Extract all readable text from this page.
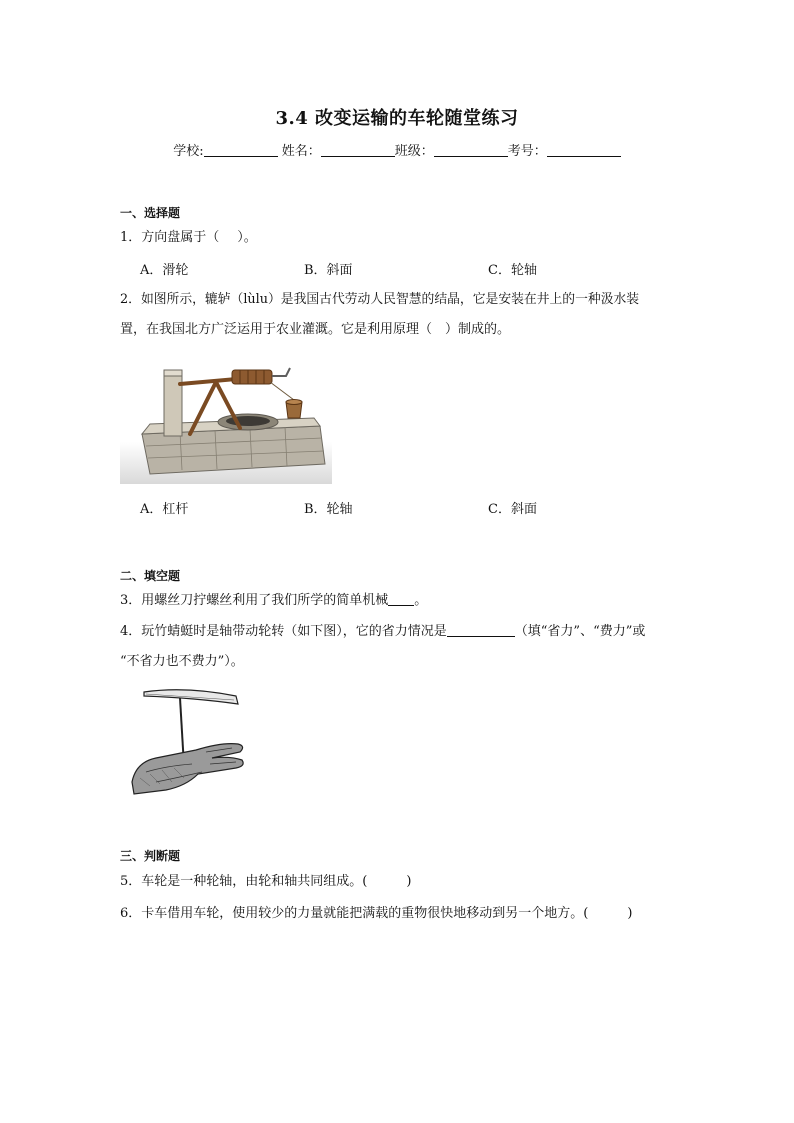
3.4 改变运输的车轮随堂练习
学校:	姓名：	班级：	考号：
一、选择题
1．方向盘属于（ ）。
A．滑轮	B．斜面	C．轮轴
2．如图所示，辘轳（lùlu）是我国古代劳动人民智慧的结晶，它是安装在井上的一种汲水装
置，在我国北方广泛运用于农业灌溉。它是利用原理（　）制成的。
A．杠杆	B．轮轴	C．斜面
二、填空题
3．用螺丝刀拧螺丝利用了我们所学的简单机械 。
4．玩竹蜻蜓时是轴带动轮转（如下图），它的省力情况是	（填“省力”、“费力”或
“不省力也不费力”）。
三、判断题
5．车轮是一种轮轴，由轮和轴共同组成。(　　　)
6．卡车借用车轮，使用较少的力量就能把满载的重物很快地移动到另一个地方。(　　　)
